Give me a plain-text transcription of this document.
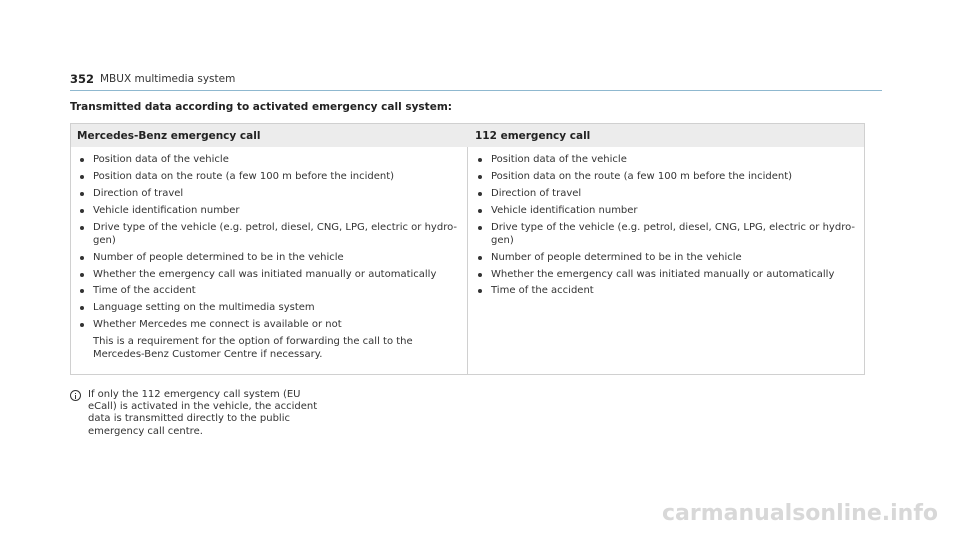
352 MBUX multimedia system
Transmitted data according to activated emergency call system:
Mercedes-Benz emergency call	112 emergency call
Position data of the vehicle
Position data on the route (a few 100 m before the incident)
Direction of travel
Vehicle identification number
Drive type of the vehicle (e.g. petrol, diesel, CNG, LPG, electric or hydro-gen)
Number of people determined to be in the vehicle
Whether the emergency call was initiated manually or automatically
Time of the accident
Language setting on the multimedia system
Whether Mercedes me connect is available or not
This is a requirement for the option of forwarding the call to the Mercedes-Benz Customer Centre if necessary.
Position data of the vehicle
Position data on the route (a few 100 m before the incident)
Direction of travel
Vehicle identification number
Drive type of the vehicle (e.g. petrol, diesel, CNG, LPG, electric or hydro-gen)
Number of people determined to be in the vehicle
Whether the emergency call was initiated manually or automatically
Time of the accident
If only the 112 emergency call system (EU
eCall) is activated in the vehicle, the accident
data is transmitted directly to the public
emergency call centre.
carmanualsonline.info
